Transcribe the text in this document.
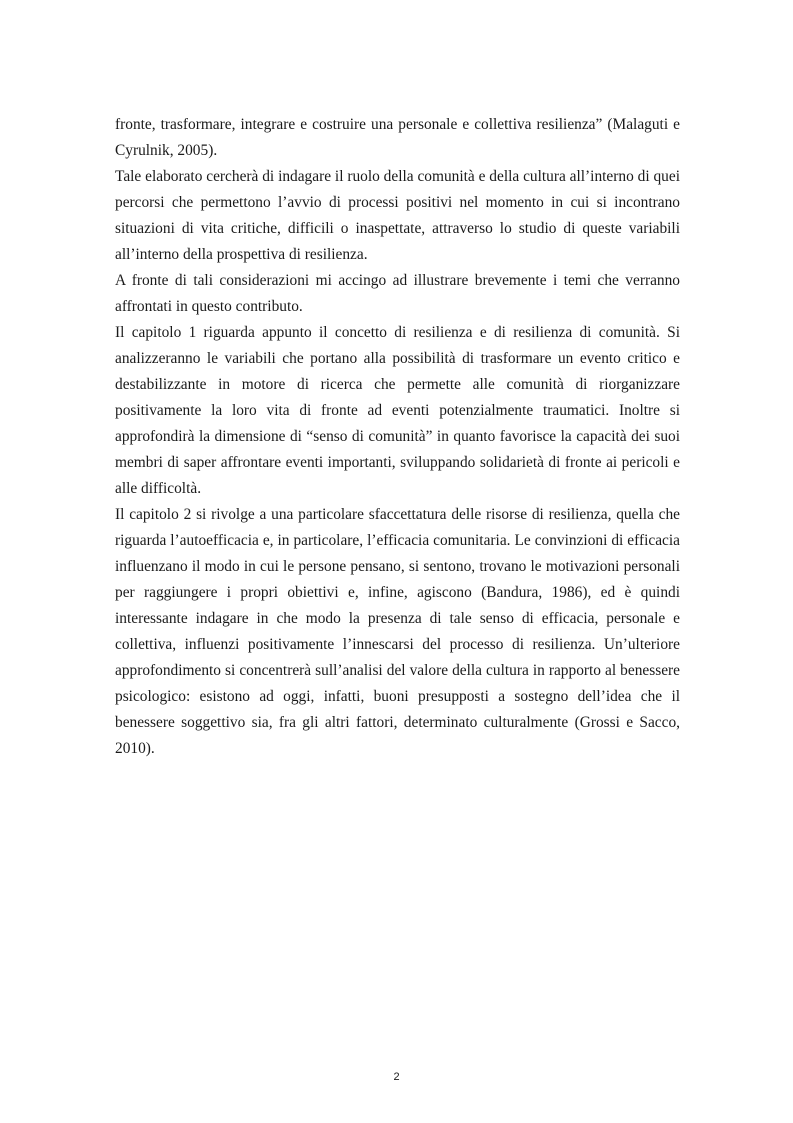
fronte, trasformare, integrare e costruire una personale e collettiva resilienza” (Malaguti e Cyrulnik, 2005).

Tale elaborato cercherà di indagare il ruolo della comunità e della cultura all’interno di quei percorsi che permettono l’avvio di processi positivi nel momento in cui si incontrano situazioni di vita critiche, difficili o inaspettate, attraverso lo studio di queste variabili all’interno della prospettiva di resilienza.

A fronte di tali considerazioni mi accingo ad illustrare brevemente i temi che verranno affrontati in questo contributo.

Il capitolo 1 riguarda appunto il concetto di resilienza e di resilienza di comunità. Si analizzeranno le variabili che portano alla possibilità di trasformare un evento critico e destabilizzante in motore di ricerca che permette alle comunità di riorganizzare positivamente la loro vita di fronte ad eventi potenzialmente traumatici. Inoltre si approfondirà la dimensione di “senso di comunità” in quanto favorisce la capacità dei suoi membri di saper affrontare eventi importanti, sviluppando solidarietà di fronte ai pericoli e alle difficoltà.

Il capitolo 2 si rivolge a una particolare sfaccettatura delle risorse di resilienza, quella che riguarda l’autoefficacia e, in particolare, l’efficacia comunitaria. Le convinzioni di efficacia influenzano il modo in cui le persone pensano, si sentono, trovano le motivazioni personali per raggiungere i propri obiettivi e, infine, agiscono (Bandura, 1986), ed è quindi interessante indagare in che modo la presenza di tale senso di efficacia, personale e collettiva, influenzi positivamente l’innescarsi del processo di resilienza. Un’ulteriore approfondimento si concentrerà sull’analisi del valore della cultura in rapporto al benessere psicologico: esistono ad oggi, infatti, buoni presupposti a sostegno dell’idea che il benessere soggettivo sia, fra gli altri fattori, determinato culturalmente (Grossi e Sacco, 2010).

2
